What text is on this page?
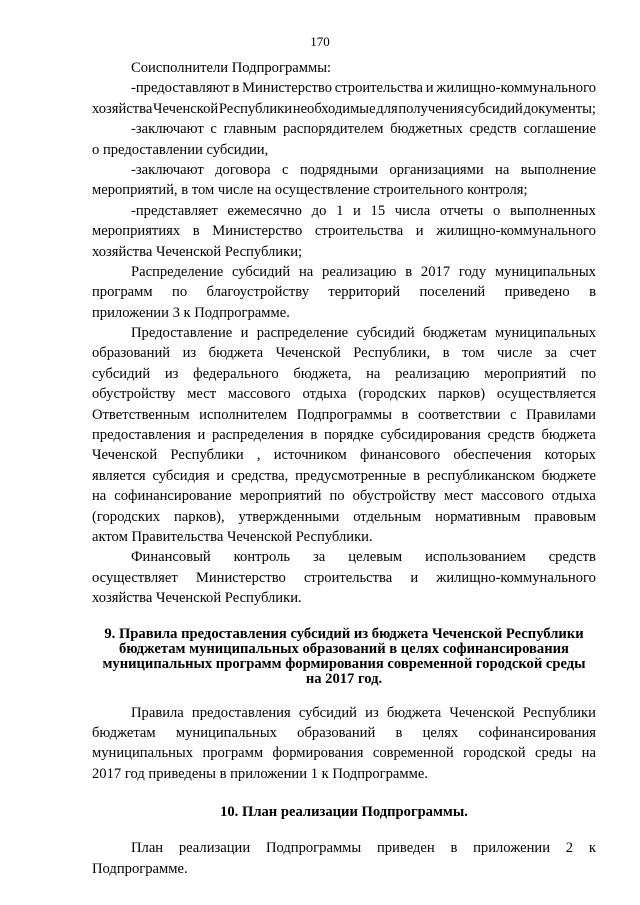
170
Соисполнители Подпрограммы:
-предоставляют в Министерство строительства и жилищно-коммунального
хозяйства Чеченской Республики необходимые для получения субсидий документы;
-заключают с главным распорядителем бюджетных средств соглашение
о предоставлении субсидии,
-заключают договора с подрядными организациями на выполнение
мероприятий, в том числе на осуществление строительного контроля;
-представляет ежемесячно до 1 и 15 числа отчеты о выполненных
мероприятиях в Министерство строительства и жилищно-коммунального
хозяйства Чеченской Республики;
Распределение субсидий на реализацию в 2017 году муниципальных
программ по благоустройству территорий поселений приведено в
приложении 3 к Подпрограмме.
Предоставление и распределение субсидий бюджетам муниципальных
образований из бюджета Чеченской Республики, в том числе за счет
субсидий из федерального бюджета, на реализацию мероприятий по
обустройству мест массового отдыха (городских парков) осуществляется
Ответственным исполнителем Подпрограммы в соответствии с Правилами
предоставления и распределения в порядке субсидирования средств бюджета
Чеченской Республики , источником финансового обеспечения которых
является субсидия и средства, предусмотренные в республиканском бюджете
на софинансирование мероприятий по обустройству мест массового отдыха
(городских парков), утвержденными отдельным нормативным правовым
актом Правительства Чеченской Республики.
Финансовый контроль за целевым использованием средств
осуществляет Министерство строительства и жилищно-коммунального
хозяйства Чеченской Республики.
9. Правила предоставления субсидий из бюджета Чеченской Республики
бюджетам муниципальных образований в целях софинансирования
муниципальных программ формирования современной городской среды
на 2017 год.
Правила предоставления субсидий из бюджета Чеченской Республики
бюджетам муниципальных образований в целях софинансирования
муниципальных программ формирования современной городской среды на
2017 год приведены в приложении 1 к Подпрограмме.
10. План реализации Подпрограммы.
План реализации Подпрограммы приведен в приложении 2 к
Подпрограмме.
